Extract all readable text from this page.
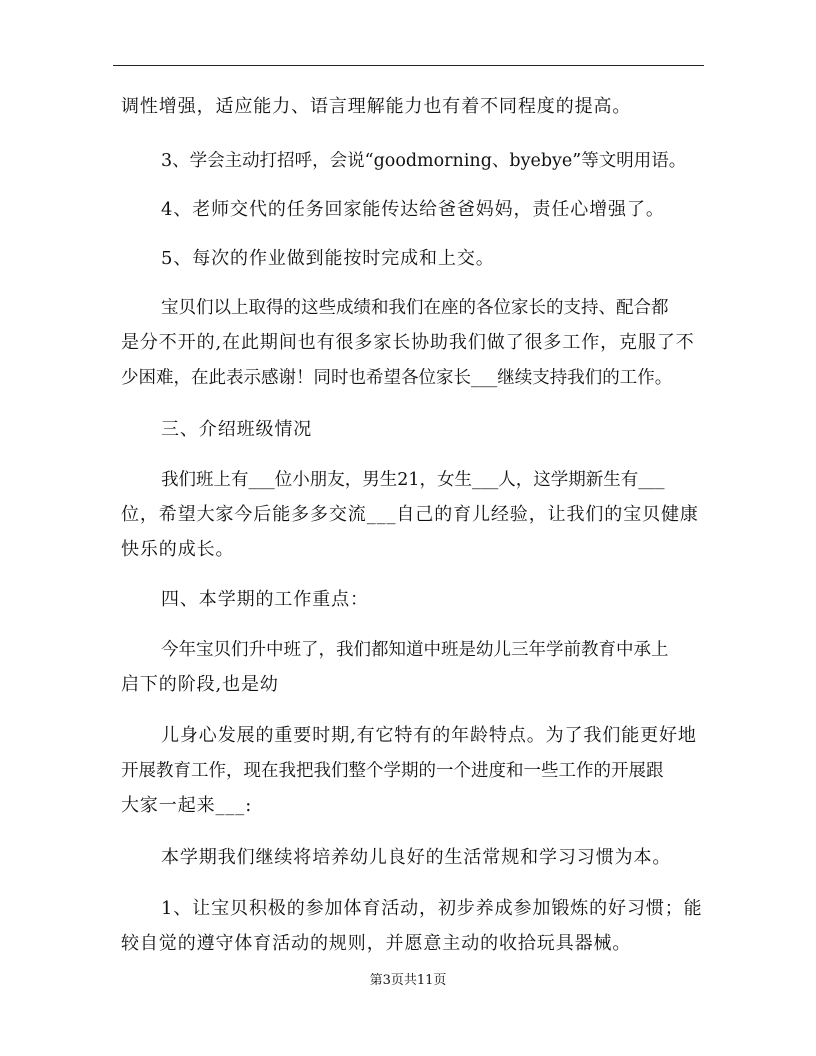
调性增强，适应能力、语言理解能力也有着不同程度的提高。
3、学会主动打招呼，会说“goodmorning、byebye”等文明用语。
4、老师交代的任务回家能传达给爸爸妈妈，责任心增强了。
5、每次的作业做到能按时完成和上交。
宝贝们以上取得的这些成绩和我们在座的各位家长的支持、配合都
是分不开的,在此期间也有很多家长协助我们做了很多工作，克服了不
少困难，在此表示感谢！同时也希望各位家长___继续支持我们的工作。
三、介绍班级情况
我们班上有___位小朋友，男生21，女生___人，这学期新生有___
位，希望大家今后能多多交流___自己的育儿经验，让我们的宝贝健康
快乐的成长。
四、本学期的工作重点：
今年宝贝们升中班了，我们都知道中班是幼儿三年学前教育中承上
启下的阶段,也是幼
儿身心发展的重要时期,有它特有的年龄特点。为了我们能更好地
开展教育工作，现在我把我们整个学期的一个进度和一些工作的开展跟
大家一起来___:
本学期我们继续将培养幼儿良好的生活常规和学习习惯为本。
1、让宝贝积极的参加体育活动，初步养成参加锻炼的好习惯；能
较自觉的遵守体育活动的规则，并愿意主动的收拾玩具器械。
第3页共11页
